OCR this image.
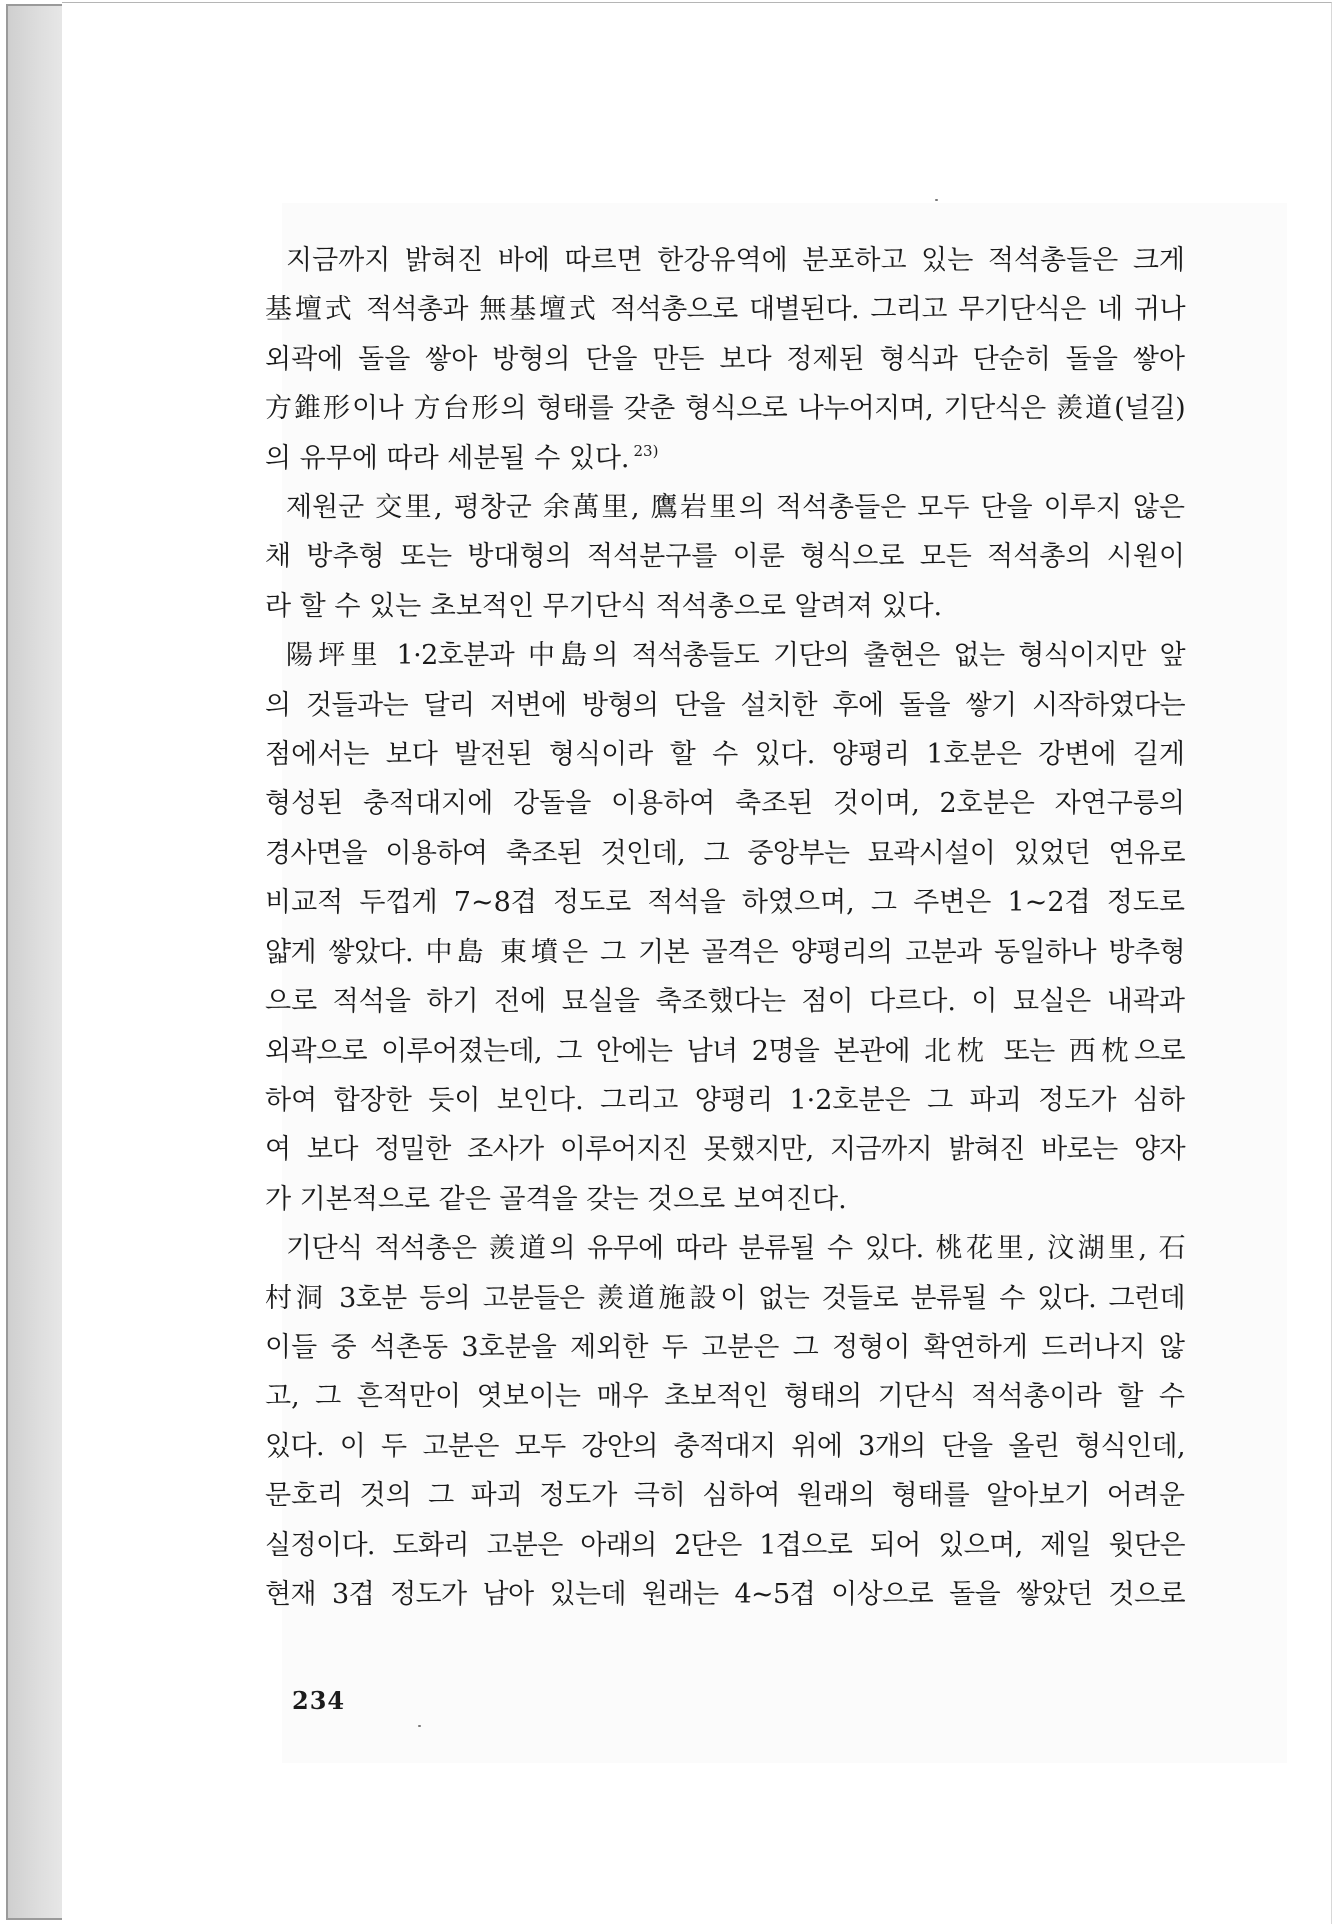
지금까지 밝혀진 바에 따르면 한강유역에 분포하고 있는 적석총들은 크게
基壇式 적석총과 無基壇式 적석총으로 대별된다. 그리고 무기단식은 네 귀나
외곽에 돌을 쌓아 방형의 단을 만든 보다 정제된 형식과 단순히 돌을 쌓아
方錐形이나 方台形의 형태를 갖춘 형식으로 나누어지며, 기단식은 羨道(널길)
의 유무에 따라 세분될 수 있다. $^{23)}$
제원군 交里, 평창군 余萬里, 鷹岩里의 적석총들은 모두 단을 이루지 않은
채 방추형 또는 방대형의 적석분구를 이룬 형식으로 모든 적석총의 시원이
라 할 수 있는 초보적인 무기단식 적석총으로 알려져 있다.
陽坪里 1·2호분과 中島의 적석총들도 기단의 출현은 없는 형식이지만 앞
의 것들과는 달리 저변에 방형의 단을 설치한 후에 돌을 쌓기 시작하였다는
점에서는 보다 발전된 형식이라 할 수 있다. 양평리 1호분은 강변에 길게
형성된 충적대지에 강돌을 이용하여 축조된 것이며, 2호분은 자연구릉의
경사면을 이용하여 축조된 것인데, 그 중앙부는 묘곽시설이 있었던 연유로
비교적 두껍게 7~8겹 정도로 적석을 하였으며, 그 주변은 1~2겹 정도로
얇게 쌓았다. 中島 東墳은 그 기본 골격은 양평리의 고분과 동일하나 방추형
으로 적석을 하기 전에 묘실을 축조했다는 점이 다르다. 이 묘실은 내곽과
외곽으로 이루어졌는데, 그 안에는 남녀 2명을 본관에 北枕 또는 西枕으로
하여 합장한 듯이 보인다. 그리고 양평리 1·2호분은 그 파괴 정도가 심하
여 보다 정밀한 조사가 이루어지진 못했지만, 지금까지 밝혀진 바로는 양자
가 기본적으로 같은 골격을 갖는 것으로 보여진다.
기단식 적석총은 羨道의 유무에 따라 분류될 수 있다. 桃花里, 汶湖里, 石
村洞 3호분 등의 고분들은 羨道施設이 없는 것들로 분류될 수 있다. 그런데
이들 중 석촌동 3호분을 제외한 두 고분은 그 정형이 확연하게 드러나지 않
고, 그 흔적만이 엿보이는 매우 초보적인 형태의 기단식 적석총이라 할 수
있다. 이 두 고분은 모두 강안의 충적대지 위에 3개의 단을 올린 형식인데,
문호리 것의 그 파괴 정도가 극히 심하여 원래의 형태를 알아보기 어려운
실정이다. 도화리 고분은 아래의 2단은 1겹으로 되어 있으며, 제일 윗단은
현재 3겹 정도가 남아 있는데 원래는 4~5겹 이상으로 돌을 쌓았던 것으로
234
